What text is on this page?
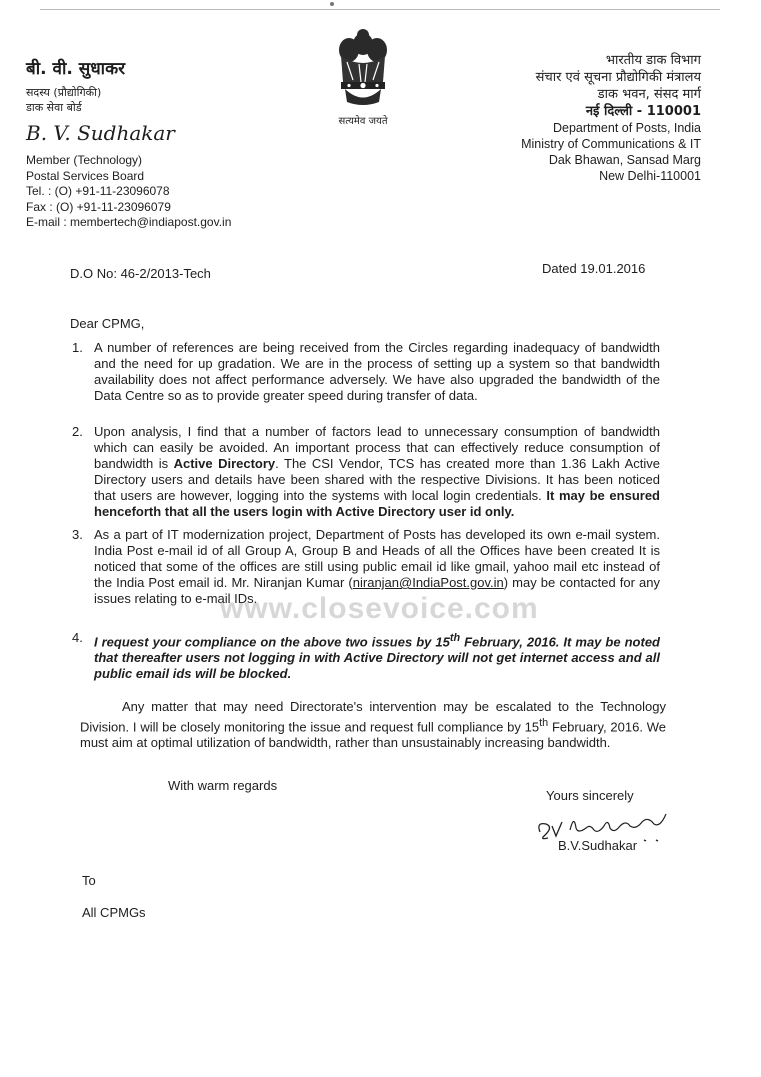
बी. वी. सुधाकर
सदस्य (प्रौद्योगिकी)
डाक सेवा बोर्ड
B. V. Sudhakar
Member (Technology)
Postal Services Board
Tel. : (O) +91-11-23096078
Fax : (O) +91-11-23096079
E-mail : membertech@indiapost.gov.in
सत्यमेव जयते
भारतीय डाक विभाग
संचार एवं सूचना प्रौद्योगिकी मंत्रालय
डाक भवन, संसद मार्ग
नई दिल्ली - 110001
Department of Posts, India
Ministry of Communications & IT
Dak Bhawan, Sansad Marg
New Delhi-110001
D.O No: 46-2/2013-Tech	Dated 19.01.2016
Dear CPMG,
1. A number of references are being received from the Circles regarding inadequacy of bandwidth and the need for up gradation. We are in the process of setting up a system so that bandwidth availability does not affect performance adversely. We have also upgraded the bandwidth of the Data Centre so as to provide greater speed during transfer of data.
2. Upon analysis, I find that a number of factors lead to unnecessary consumption of bandwidth which can easily be avoided. An important process that can effectively reduce consumption of bandwidth is Active Directory. The CSI Vendor, TCS has created more than 1.36 Lakh Active Directory users and details have been shared with the respective Divisions. It has been noticed that users are however, logging into the systems with local login credentials. It may be ensured henceforth that all the users login with Active Directory user id only.
3. As a part of IT modernization project, Department of Posts has developed its own e-mail system. India Post e-mail id of all Group A, Group B and Heads of all the Offices have been created It is noticed that some of the offices are still using public email id like gmail, yahoo mail etc instead of the India Post email id. Mr. Niranjan Kumar (niranjan@IndiaPost.gov.in) may be contacted for any issues relating to e-mail IDs.
4. I request your compliance on the above two issues by 15th February, 2016. It may be noted that thereafter users not logging in with Active Directory will not get internet access and all public email ids will be blocked.
Any matter that may need Directorate's intervention may be escalated to the Technology Division. I will be closely monitoring the issue and request full compliance by 15th February, 2016. We must aim at optimal utilization of bandwidth, rather than unsustainably increasing bandwidth.
With warm regards
Yours sincerely
B.V.Sudhakar
To
All CPMGs
www.closevoice.com
